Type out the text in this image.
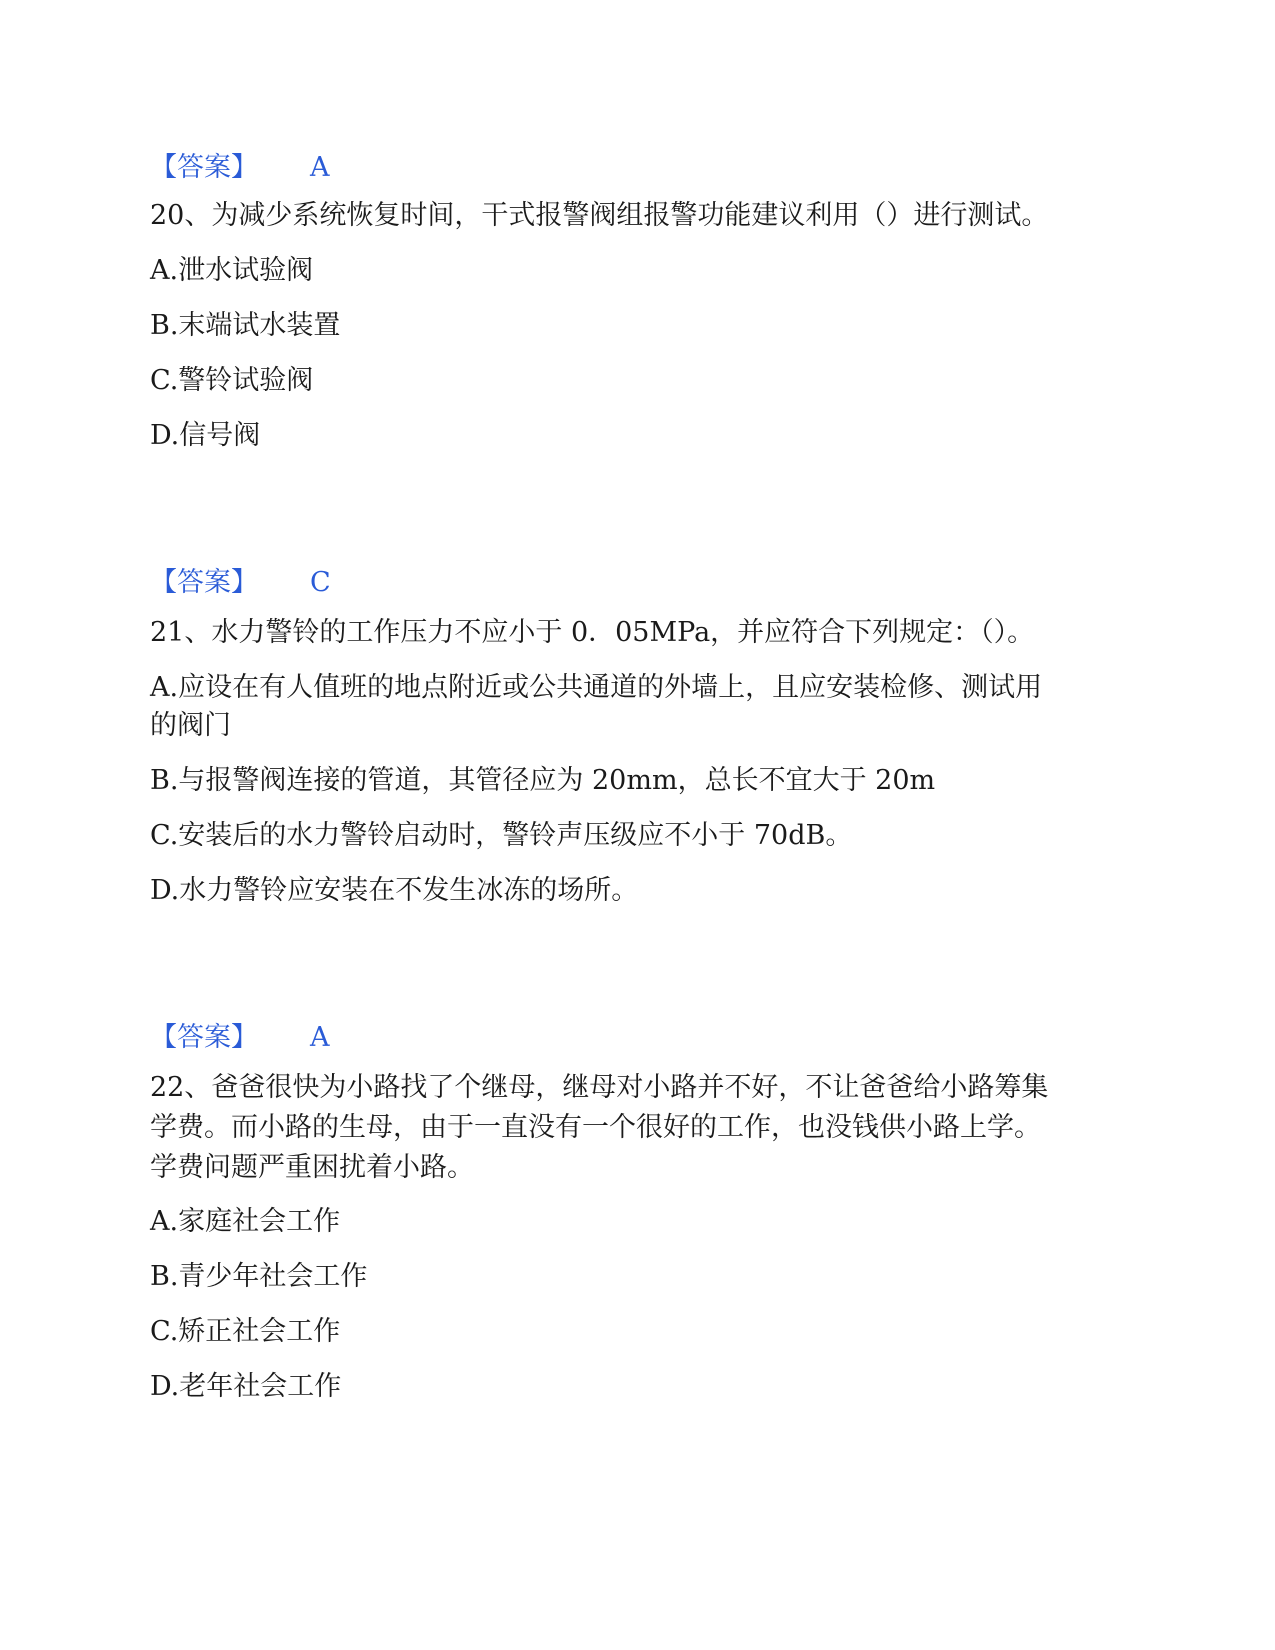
【答案】 A
20、为减少系统恢复时间，干式报警阀组报警功能建议利用（）进行测试。
A.泄水试验阀
B.末端试水装置
C.警铃试验阀
D.信号阀
【答案】 C
21、水力警铃的工作压力不应小于 0．05MPa，并应符合下列规定：（）。
A.应设在有人值班的地点附近或公共通道的外墙上，且应安装检修、测试用
的阀门
B.与报警阀连接的管道，其管径应为 20mm，总长不宜大于 20m
C.安装后的水力警铃启动时，警铃声压级应不小于 70dB。
D.水力警铃应安装在不发生冰冻的场所。
【答案】 A
22、爸爸很快为小路找了个继母，继母对小路并不好，不让爸爸给小路筹集
学费。而小路的生母，由于一直没有一个很好的工作，也没钱供小路上学。
学费问题严重困扰着小路。
A.家庭社会工作
B.青少年社会工作
C.矫正社会工作
D.老年社会工作
